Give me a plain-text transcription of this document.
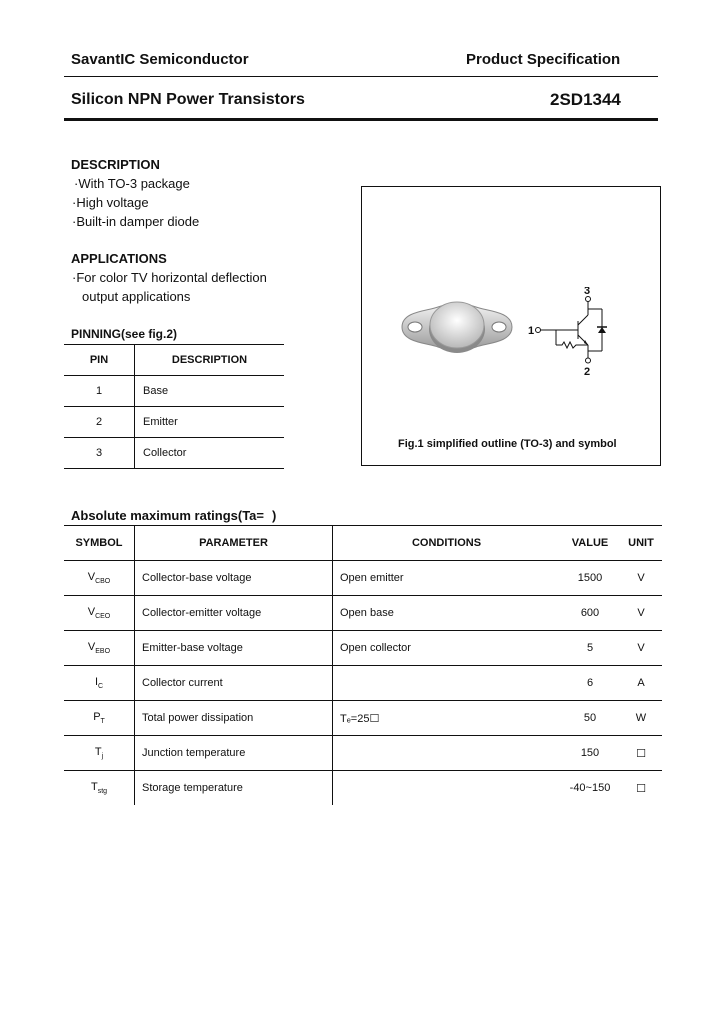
SavantIC Semiconductor	Product Specification
Silicon NPN Power Transistors	2SD1344
DESCRIPTION
·With TO-3 package
·High voltage
·Built-in damper diode
APPLICATIONS
·For color TV horizontal deflection
output applications
PINNING(see fig.2)
PIN	DESCRIPTION
1	Base
2	Emitter
3	Collector
1
3
2
Fig.1 simplified outline (TO-3) and symbol
Absolute maximum ratings(Ta= )
SYMBOL	PARAMETER	CONDITIONS	VALUE	UNIT
$V_{CBO}$	Collector-base voltage	Open emitter	1500	V
$V_{CEO}$	Collector-emitter voltage	Open base	600	V
$V_{EBO}$	Emitter-base voltage	Open collector	5	V
$I_C$	Collector current		6	A
$P_T$	Total power dissipation	Tₑ=25☐	50	W
$T_j$	Junction temperature		150	☐
$T_{stg}$	Storage temperature		-40~150	☐
